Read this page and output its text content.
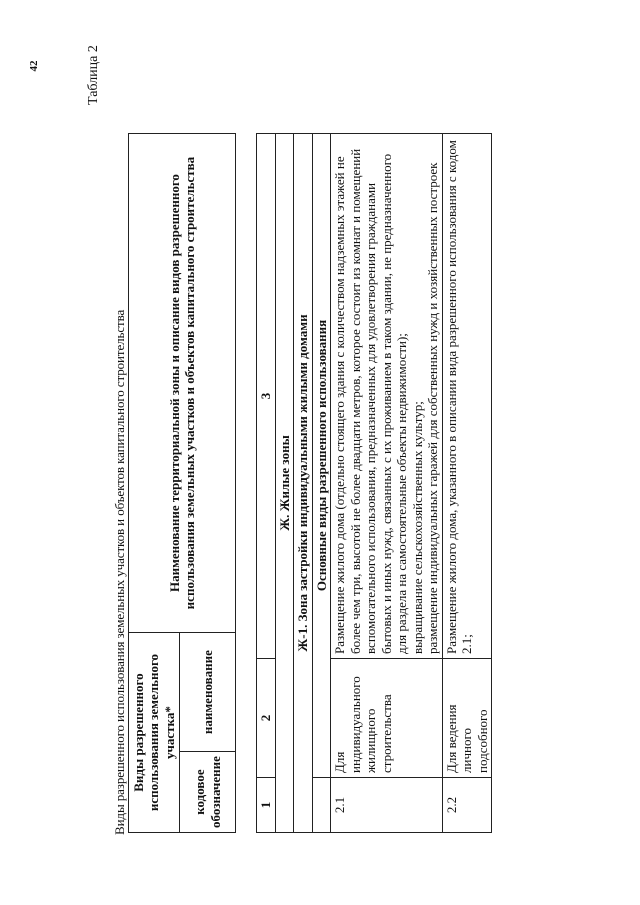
42	Таблица 2
Виды разрешенного использования земельных участков и объектов капитального строительства Виды разрешенного использования земельного участка*		Наименование территориальной зоны и описание видов разрешенного использования земельных участков и объектов капитального строительства
кодовое обозначение	наименование	
1	2	3
Ж. Жилые зоны		
Ж-1. Зона застройки индивидуальными жилыми домами		
	Основные виды разрешенного использования	
2.1	Для индивидуального жилищного строительства	Размещение жилого дома (отдельно стоящего здания с количеством надземных этажей не более чем три, высотой не более двадцати метров, которое состоит из комнат и помещений вспомогательного использования, предназначенных для удовлетворения гражданами бытовых и иных нужд, связанных с их проживанием в таком здании, не предназначенного для раздела на самостоятельные объекты недвижимости); выращивание сельскохозяйственных культур; размещение индивидуальных гаражей для собственных нужд и хозяйственных построек

2.2	Для ведения личного подсобного	Размещение жилого дома, указанного в описании вида разрешенного использования с кодом 2.1;
